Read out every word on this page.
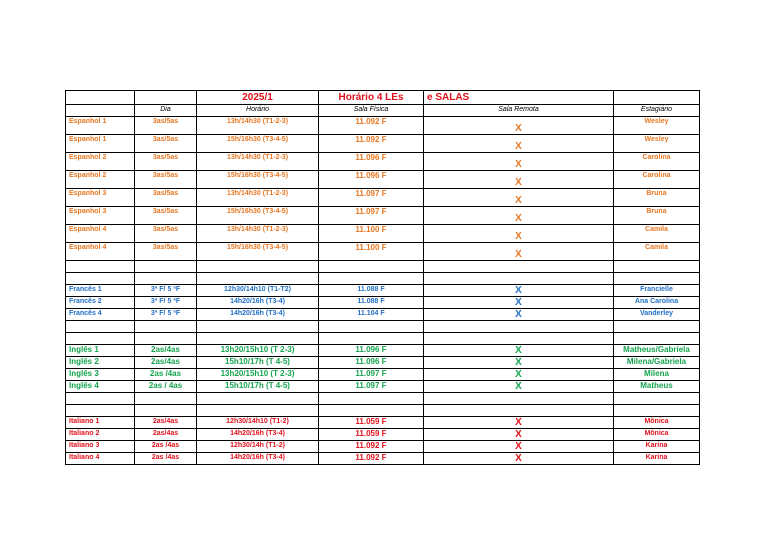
		2025/1	Horário 4 LEs	e SALAS	
	Dia	Horário	Sala Física	Sala Remota	Estagiário
Espanhol 1	3as/5as	13h/14h30 (T1-2-3)	11.092 F	X	Wesley
Espanhol 1	3as/5as	15h/16h30 (T3-4-5)	11.092 F	X	Wesley
Espanhol 2	3as/5as	13h/14h30 (T1-2-3)	11.096 F	X	Carolina
Espanhol 2	3as/5as	15h/16h30 (T3-4-5)	11.096 F	X	Carolina
Espanhol 3	3as/5as	13h/14h30 (T1-2-3)	11.097 F	X	Bruna
Espanhol 3	3as/5as	15h/16h30 (T3-4-5)	11.097 F	X	Bruna
Espanhol 4	3as/5as	13h/14h30 (T1-2-3)	11.100 F	X	Camila
Espanhol 4	3as/5as	15h/16h30 (T3-4-5)	11.100 F	X	Camila

Francês 1	3ª F/ 5 ªF	12h30/14h10 (T1-T2)	11.088 F	X	Francielle
Francês 2	3ª F/ 5 ªF	14h20/16h (T3-4)	11.088 F	X	Ana Carolina
Francês 4	3ª F/ 5 ªF	14h20/16h (T3-4)	11.104 F	X	Vanderley

Inglês 1	2as/4as	13h20/15h10 (T 2-3)	11.096 F	X	Matheus/Gabriela
Inglês 2	2as/4as	15h10/17h (T 4-5)	11.096 F	X	Milena/Gabriela
Inglês 3	2as /4as	13h20/15h10 (T 2-3)	11.097 F	X	Milena
Inglês 4	2as / 4as	15h10/17h (T 4-5)	11.097 F	X	Matheus

Italiano 1	2as/4as	12h30/14h10 (T1-2)	11.059 F	X	Mônica
Italiano 2	2as/4as	14h20/16h (T3-4)	11.059 F	X	Mônica
Italiano 3	2as /4as	12h30/14h (T1-2)	11.092 F	X	Karina
Italiano 4	2as /4as	14h20/16h (T3-4)	11.092 F	X	Karina
